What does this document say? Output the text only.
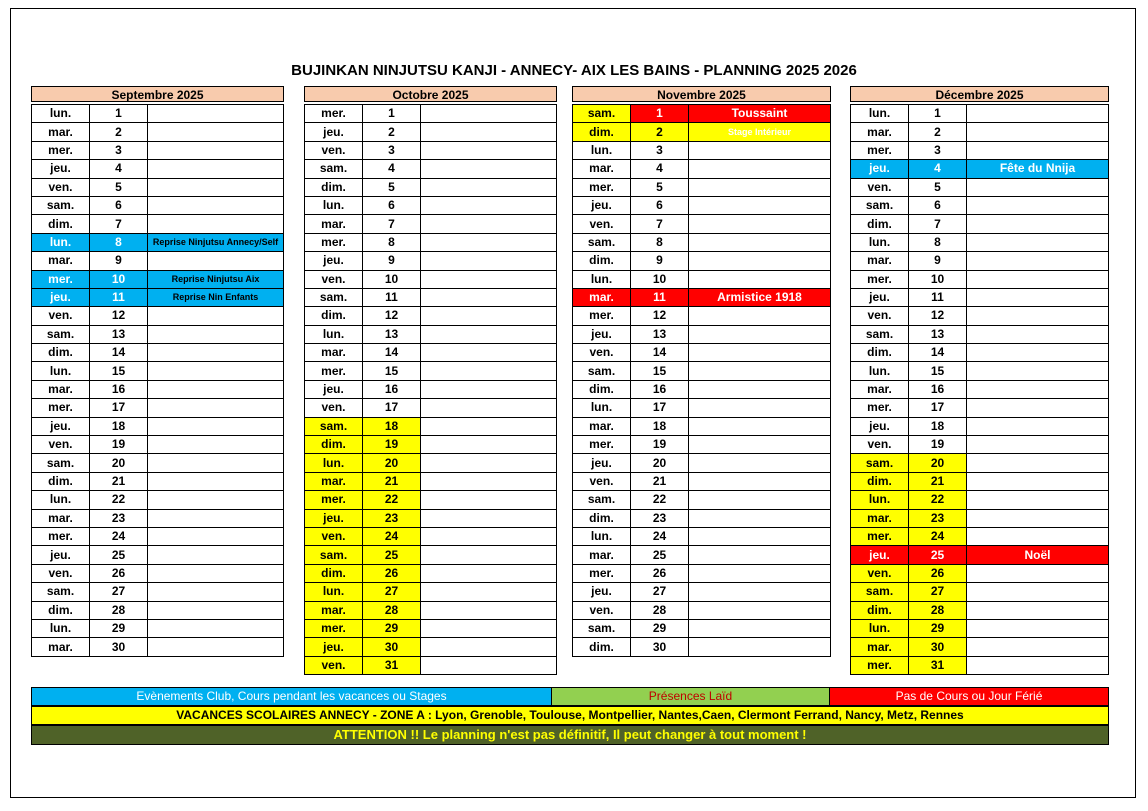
BUJINKAN NINJUTSU KANJI - ANNECY- AIX LES BAINS - PLANNING 2025 2026
Septembre 2025
lun.	1	
mar.	2	
mer.	3	
jeu.	4	
ven.	5	
sam.	6	
dim.	7	
lun.	8	Reprise Ninjutsu Annecy/Self
mar.	9	
mer.	10	Reprise Ninjutsu Aix
jeu.	11	Reprise Nin Enfants
ven.	12	
sam.	13	
dim.	14	
lun.	15	
mar.	16	
mer.	17	
jeu.	18	
ven.	19	
sam.	20	
dim.	21	
lun.	22	
mar.	23	
mer.	24	
jeu.	25	
ven.	26	
sam.	27	
dim.	28	
lun.	29	
mar.	30	
Octobre 2025
mer.	1	
jeu.	2	
ven.	3	
sam.	4	
dim.	5	
lun.	6	
mar.	7	
mer.	8	
jeu.	9	
ven.	10	
sam.	11	
dim.	12	
lun.	13	
mar.	14	
mer.	15	
jeu.	16	
ven.	17	
sam.	18	
dim.	19	
lun.	20	
mar.	21	
mer.	22	
jeu.	23	
ven.	24	
sam.	25	
dim.	26	
lun.	27	
mar.	28	
mer.	29	
jeu.	30	
ven.	31	
Novembre 2025
sam.	1	Toussaint
dim.	2	Stage Intérieur
lun.	3	
mar.	4	
mer.	5	
jeu.	6	
ven.	7	
sam.	8	
dim.	9	
lun.	10	
mar.	11	Armistice 1918
mer.	12	
jeu.	13	
ven.	14	
sam.	15	
dim.	16	
lun.	17	
mar.	18	
mer.	19	
jeu.	20	
ven.	21	
sam.	22	
dim.	23	
lun.	24	
mar.	25	
mer.	26	
jeu.	27	
ven.	28	
sam.	29	
dim.	30	
Décembre 2025
lun.	1	
mar.	2	
mer.	3	
jeu.	4	Fête du Nnija
ven.	5	
sam.	6	
dim.	7	
lun.	8	
mar.	9	
mer.	10	
jeu.	11	
ven.	12	
sam.	13	
dim.	14	
lun.	15	
mar.	16	
mer.	17	
jeu.	18	
ven.	19	
sam.	20	
dim.	21	
lun.	22	
mar.	23	
mer.	24	
jeu.	25	Noël
ven.	26	
sam.	27	
dim.	28	
lun.	29	
mar.	30	
mer.	31	
Evènements Club, Cours pendant les vacances ou Stages	Présences Laïd	Pas de Cours ou Jour Férié
VACANCES SCOLAIRES ANNECY - ZONE A : Lyon, Grenoble, Toulouse, Montpellier, Nantes,Caen, Clermont Ferrand, Nancy, Metz, Rennes
ATTENTION !! Le planning n'est pas définitif, Il peut changer à tout moment !
